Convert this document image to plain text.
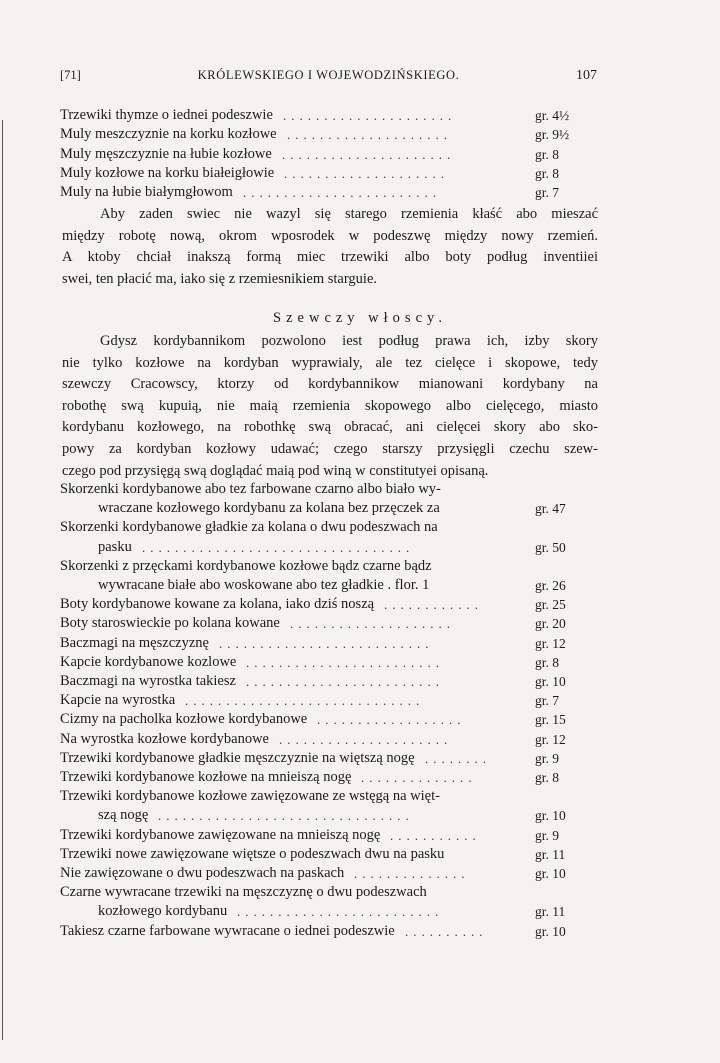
[71]	KRÓLEWSKIEGO I WOJEWODZIŃSKIEGO.	107
Trzewiki thymze o iednei podeszwie .....................	gr. 4½
Muly meszczyznie na korku kozłowe ....................	gr. 9½
Muly męszczyznie na łubie kozłowe .....................	gr. 8
Muly kozłowe na korku białeigłowie ....................	gr. 8
Muly na łubie białymgłowom ........................	gr. 7
Aby zaden swiec nie wazyl się starego rzemienia kłaść abo mieszać
między robotę nową, okrom wposrodek w podeszwę między nowy rzemień.
A ktoby chciał inakszą formą miec trzewiki albo boty podług inventiiei
swei, ten płacić ma, iako się z rzemiesnikiem starguie.
Szewczy włoscy.
Gdysz kordybannikom pozwolono iest podług prawa ich, izby skory
nie tylko kozłowe na kordyban wyprawialy, ale tez cielęce i skopowe, tedy
szewczy Cracowscy, ktorzy od kordybannikow mianowani kordybany na
robothę swą kupuią, nie maią rzemienia skopowego albo cielęcego, miasto
kordybanu kozłowego, na robothkę swą obracać, ani cielęcei skory abo sko-
powy za kordyban kozłowy udawać; czego starszy przysięgli czechu szew-
czego pod przysięgą swą doglądać maią pod winą w constitutyei opisaną.
Skorzenki kordybanowe abo tez farbowane czarno albo biało wy-
wraczane kozłowego kordybanu za kolana bez przęczek za	gr. 47
Skorzenki kordybanowe gładkie za kolana o dwu podeszwach na
pasku .................................	gr. 50
Skorzenki z przęckami kordybanowe kozłowe bądz czarne bądz
wywracane białe abo woskowane abo tez gładkie . flor. 1	gr. 26
Boty kordybanowe kowane za kolana, iako dziś noszą ............	gr. 25
Boty staroswieckie po kolana kowane ....................	gr. 20
Baczmagi na męszczyznę ..........................	gr. 12
Kapcie kordybanowe kozlowe ........................	gr. 8
Baczmagi na wyrostka takiesz ........................	gr. 10
Kapcie na wyrostka .............................	gr. 7
Cizmy na pacholka kozłowe kordybanowe ..................	gr. 15
Na wyrostka kozłowe kordybanowe .....................	gr. 12
Trzewiki kordybanowe gładkie męszczyznie na więtszą nogę ........	gr. 9
Trzewiki kordybanowe kozłowe na mnieiszą nogę ..............	gr. 8
Trzewiki kordybanowe kozłowe zawięzowane ze wstęgą na więt-
szą nogę ...............................	gr. 10
Trzewiki kordybanowe zawięzowane na mnieiszą nogę ...........	gr. 9
Trzewiki nowe zawięzowane więtsze o podeszwach dwu na pasku	gr. 11
Nie zawięzowane o dwu podeszwach na paskach ..............	gr. 10
Czarne wywracane trzewiki na męszczyznę o dwu podeszwach
kozłowego kordybanu .........................	gr. 11
Takiesz czarne farbowane wywracane o iednei podeszwie ..........	gr. 10
